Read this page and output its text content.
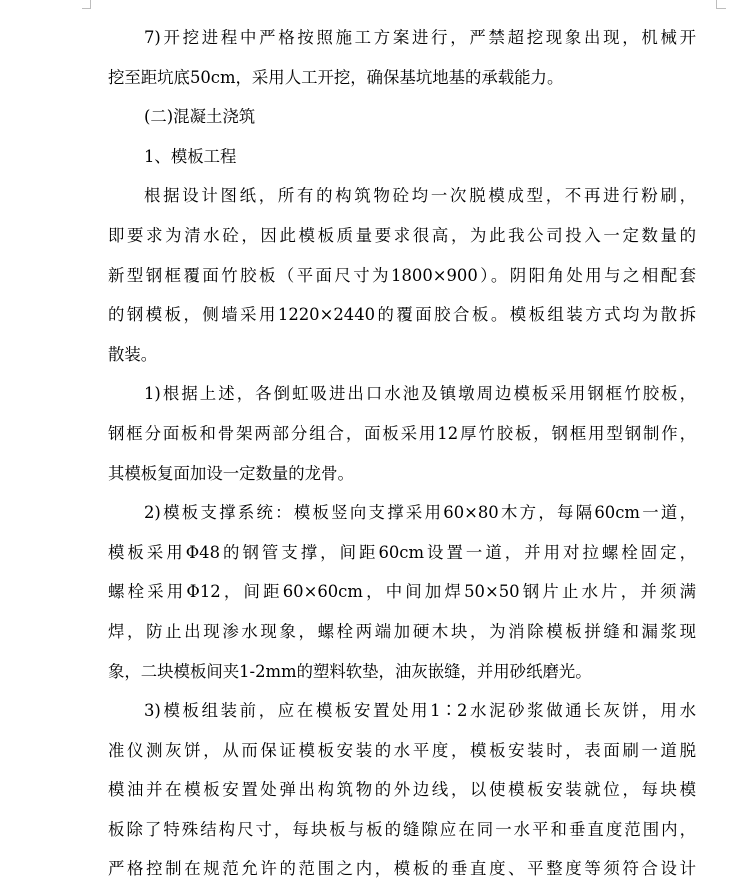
7)开挖进程中严格按照施工方案进行，严禁超挖现象出现，机械开
挖至距坑底50cm，采用人工开挖，确保基坑地基的承载能力。
(二)混凝土浇筑
1、模板工程
根据设计图纸，所有的构筑物砼均一次脱模成型，不再进行粉刷，
即要求为清水砼，因此模板质量要求很高，为此我公司投入一定数量的
新型钢框覆面竹胶板（平面尺寸为1800×900）。阴阳角处用与之相配套
的钢模板，侧墙采用1220×2440的覆面胶合板。模板组装方式均为散拆
散装。
1)根据上述，各倒虹吸进出口水池及镇墩周边模板采用钢框竹胶板，
钢框分面板和骨架两部分组合，面板采用12厚竹胶板，钢框用型钢制作，
其模板复面加设一定数量的龙骨。
2)模板支撑系统：模板竖向支撑采用60×80木方，每隔60cm一道，
模板采用Φ48的钢管支撑，间距60cm设置一道，并用对拉螺栓固定，
螺栓采用Φ12，间距60×60cm，中间加焊50×50钢片止水片，并须满
焊，防止出现渗水现象，螺栓两端加硬木块，为消除模板拼缝和漏浆现
象，二块模板间夹1-2mm的塑料软垫，油灰嵌缝，并用砂纸磨光。
3)模板组装前，应在模板安置处用1∶2水泥砂浆做通长灰饼，用水
准仪测灰饼，从而保证模板安装的水平度，模板安装时，表面刷一道脱
模油并在模板安置处弹出构筑物的外边线，以使模板安装就位，每块模
板除了特殊结构尺寸，每块板与板的缝隙应在同一水平和垂直度范围内，
严格控制在规范允许的范围之内，模板的垂直度、平整度等须符合设计
